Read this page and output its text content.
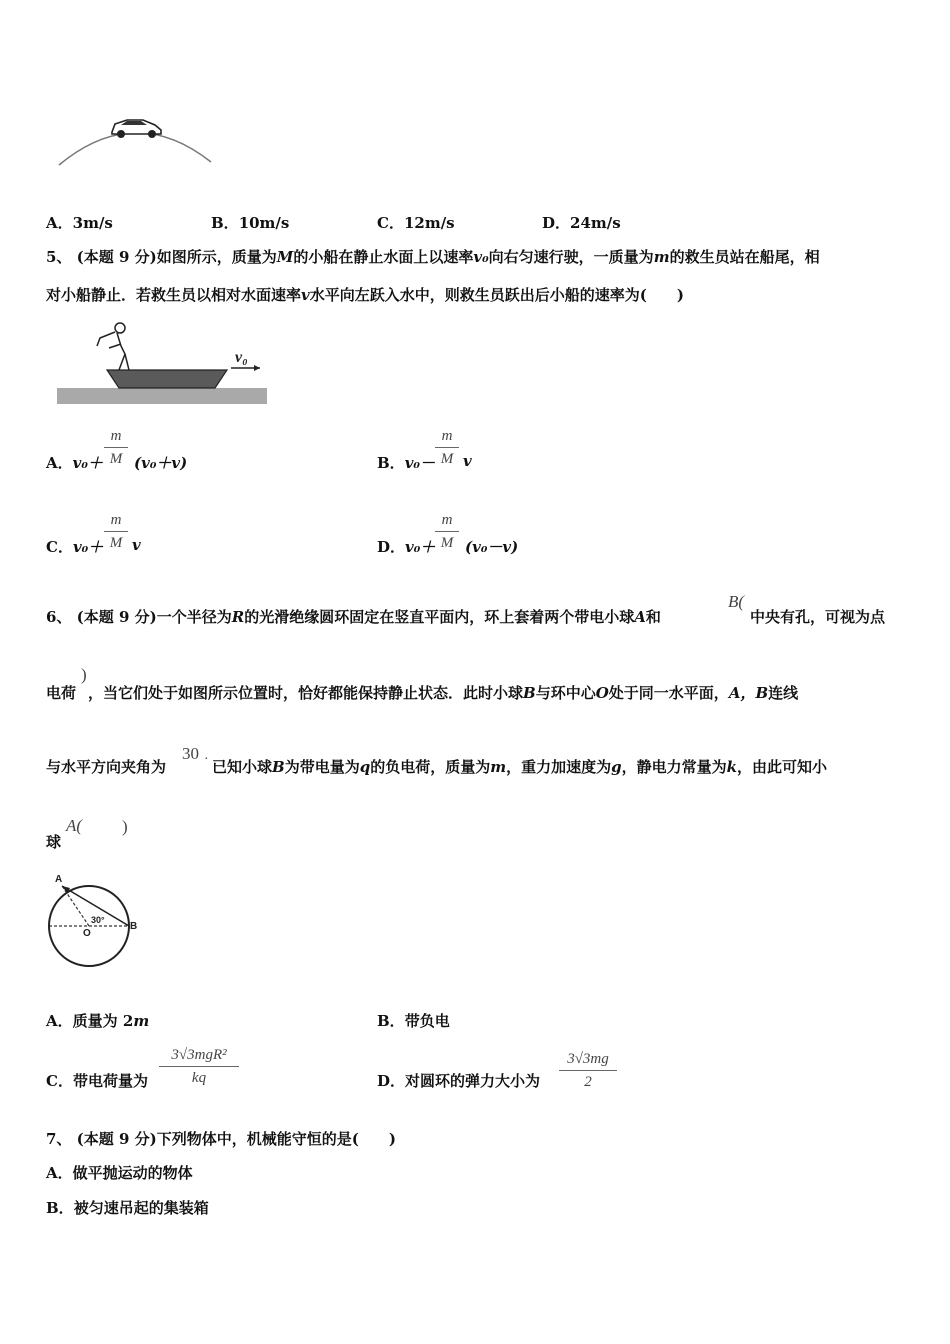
A．3m/s	B．10m/s	C．12m/s	D．24m/s
5、 (本题 9 分)如图所示，质量为M的小船在静止水面上以速率v₀向右匀速行驶，一质量为m的救生员站在船尾，相
对小船静止．若救生员以相对水面速率v水平向左跃入水中，则救生员跃出后小船的速率为(　　)
v₀
A．v₀＋
m
M (v₀＋v)	B．v₀－
m
M v
C．v₀＋
m
M v	D．v₀＋
m
M (v₀－v)
6、 (本题 9 分)一个半径为R的光滑绝缘圆环固定在竖直平面内，环上套着两个带电小球A和
B(
中央有孔，可视为点
电荷
)
，当它们处于如图所示位置时，恰好都能保持静止状态．此时小球B与环中心O处于同一水平面，A，B连线
与水平方向夹角为
30 · 已知小球B为带电量为q的负电荷，质量为m，重力加速度为g，静电力常量为k，由此可知小
球
A( )
A
B
O
30°
A．质量为 2m	B．带负电
C．带电荷量为
3√3mgR²
kq	D．对圆环的弹力大小为
3√3mg
2
7、 (本题 9 分)下列物体中，机械能守恒的是(　　)
A．做平抛运动的物体
B．被匀速吊起的集装箱
